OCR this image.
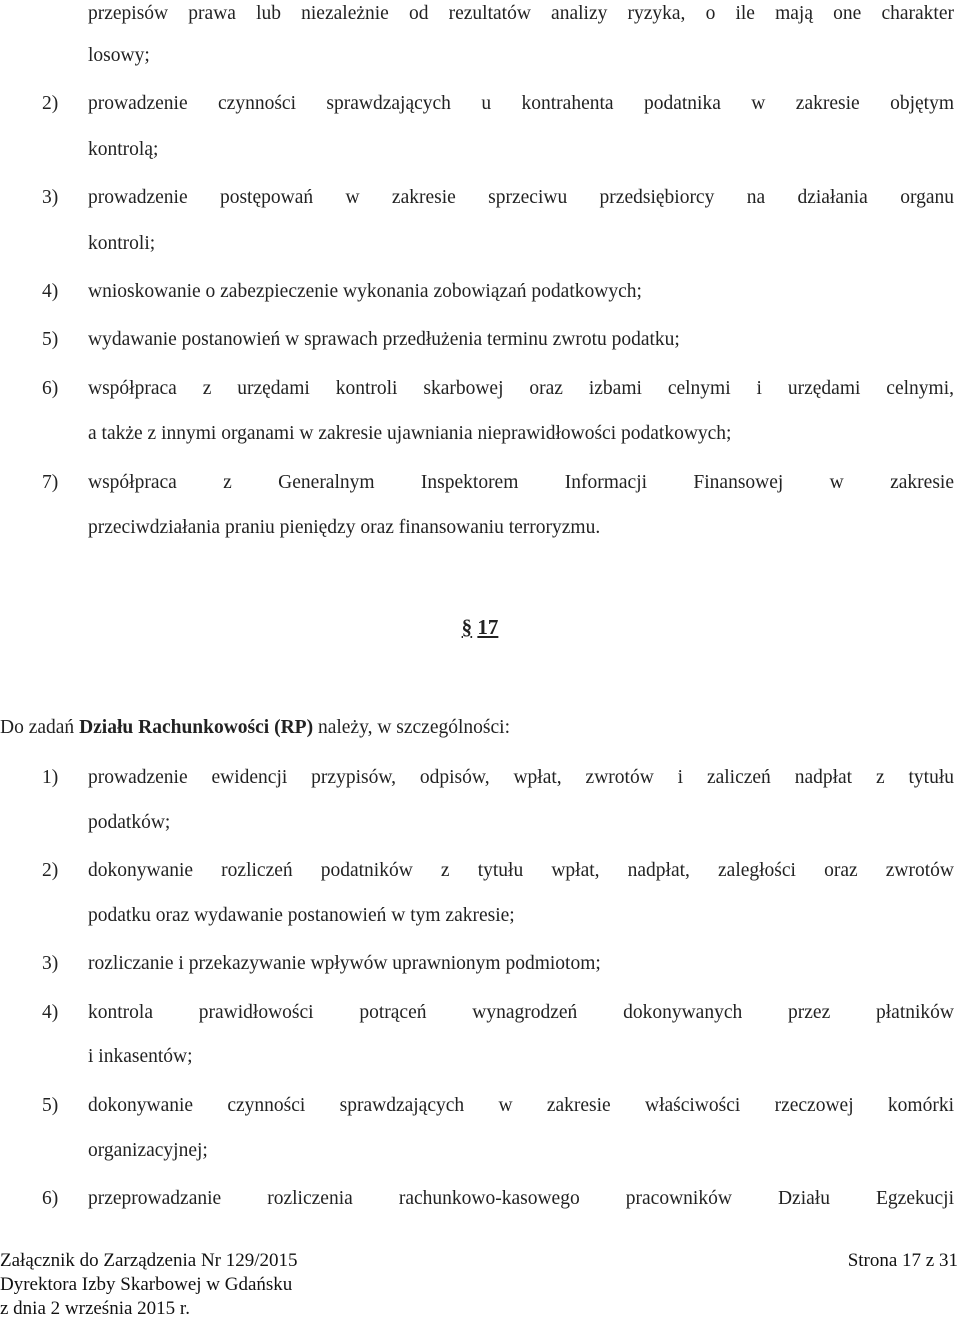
przepisów prawa lub niezależnie od rezultatów analizy ryzyka, o ile mają one charakter
losowy;
2) prowadzenie czynności sprawdzających u kontrahenta podatnika w zakresie objętym
kontrolą;
3) prowadzenie postępowań w zakresie sprzeciwu przedsiębiorcy na działania organu
kontroli;
4) wnioskowanie o zabezpieczenie wykonania zobowiązań podatkowych;
5) wydawanie postanowień w sprawach przedłużenia terminu zwrotu podatku;
6) współpraca z urzędami kontroli skarbowej oraz izbami celnymi i urzędami celnymi,
a także z innymi organami w zakresie ujawniania nieprawidłowości podatkowych;
7) współpraca z Generalnym Inspektorem Informacji Finansowej w zakresie
przeciwdziałania praniu pieniędzy oraz finansowaniu terroryzmu.
§ 17
Do zadań Działu Rachunkowości (RP) należy, w szczególności:
1) prowadzenie ewidencji przypisów, odpisów, wpłat, zwrotów i zaliczeń nadpłat z tytułu
podatków;
2) dokonywanie rozliczeń podatników z tytułu wpłat, nadpłat, zaległości oraz zwrotów
podatku oraz wydawanie postanowień w tym zakresie;
3) rozliczanie i przekazywanie wpływów uprawnionym podmiotom;
4) kontrola prawidłowości potrąceń wynagrodzeń dokonywanych przez płatników
i inkasentów;
5) dokonywanie czynności sprawdzających w zakresie właściwości rzeczowej komórki
organizacyjnej;
6) przeprowadzanie rozliczenia rachunkowo-kasowego pracowników Działu Egzekucji
Załącznik do Zarządzenia Nr 129/2015
Dyrektora Izby Skarbowej w Gdańsku
z dnia 2 września 2015 r.
Strona 17 z 31
